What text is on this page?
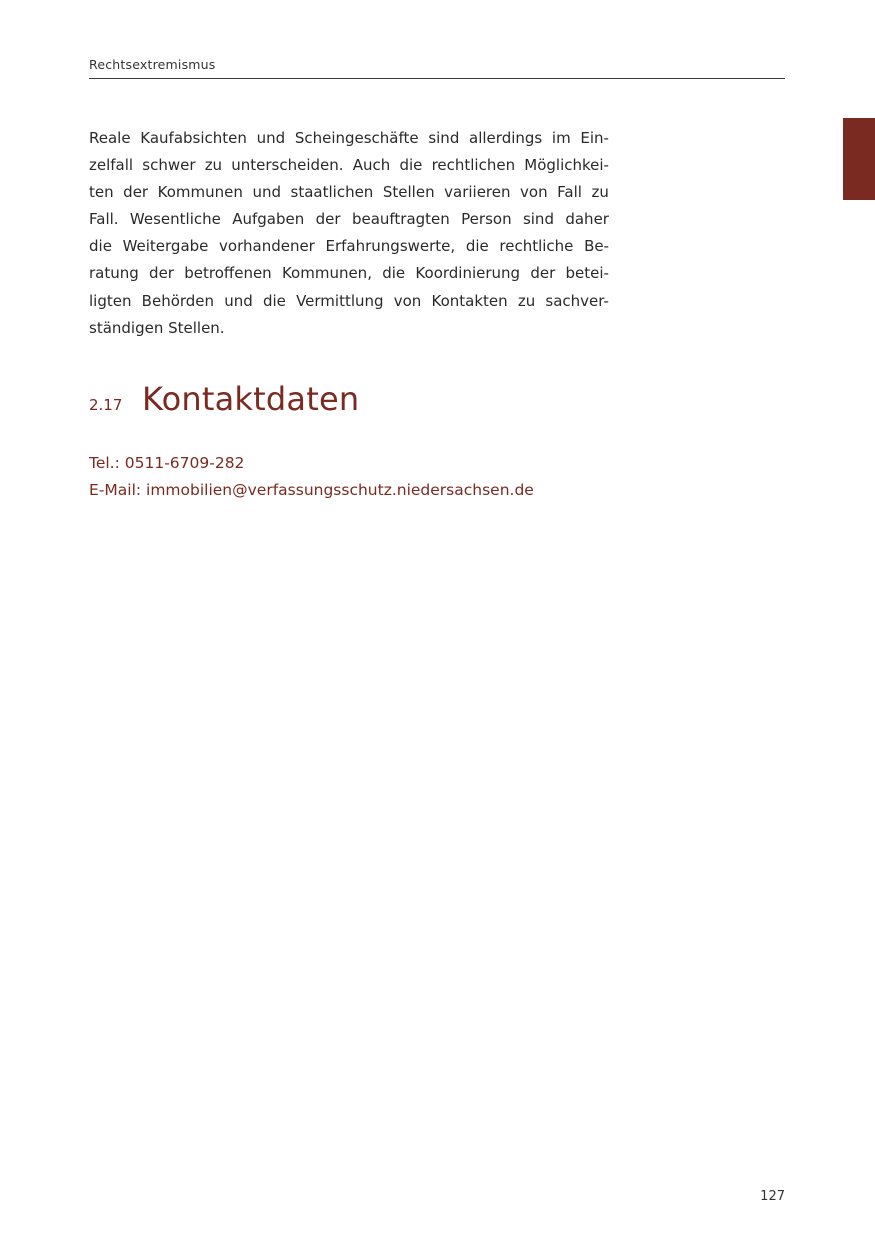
Rechtsextremismus
Reale Kaufabsichten und Scheingeschäfte sind allerdings im Ein-
zelfall schwer zu unterscheiden. Auch die rechtlichen Möglichkei-
ten der Kommunen und staatlichen Stellen variieren von Fall zu
Fall. Wesentliche Aufgaben der beauftragten Person sind daher
die Weitergabe vorhandener Erfahrungswerte, die rechtliche Be-
ratung der betroffenen Kommunen, die Koordinierung der betei-
ligten Behörden und die Vermittlung von Kontakten zu sachver-
ständigen Stellen.
2.17 Kontaktdaten
Tel.: 0511-6709-282
E-Mail: immobilien@verfassungsschutz.niedersachsen.de
127
